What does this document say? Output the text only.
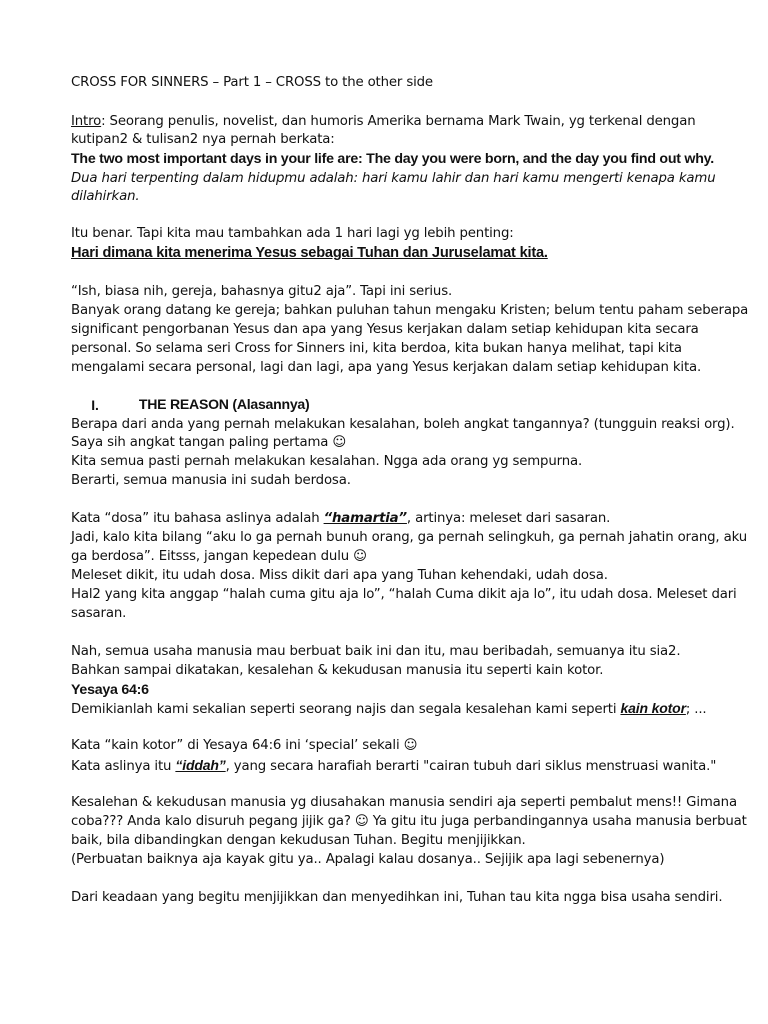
CROSS FOR SINNERS – Part 1 – CROSS to the other side
Intro: Seorang penulis, novelist, dan humoris Amerika bernama Mark Twain, yg terkenal dengan
kutipan2 & tulisan2 nya pernah berkata:
The two most important days in your life are: The day you were born, and the day you find out why.
Dua hari terpenting dalam hidupmu adalah: hari kamu lahir dan hari kamu mengerti kenapa kamu
dilahirkan.
Itu benar. Tapi kita mau tambahkan ada 1 hari lagi yg lebih penting:
Hari dimana kita menerima Yesus sebagai Tuhan dan Juruselamat kita.
“Ish, biasa nih, gereja, bahasnya gitu2 aja”. Tapi ini serius.
Banyak orang datang ke gereja; bahkan puluhan tahun mengaku Kristen; belum tentu paham seberapa
significant pengorbanan Yesus dan apa yang Yesus kerjakan dalam setiap kehidupan kita secara
personal. So selama seri Cross for Sinners ini, kita berdoa, kita bukan hanya melihat, tapi kita
mengalami secara personal, lagi dan lagi, apa yang Yesus kerjakan dalam setiap kehidupan kita.
I.	THE REASON (Alasannya)
Berapa dari anda yang pernah melakukan kesalahan, boleh angkat tangannya? (tungguin reaksi org).
Saya sih angkat tangan paling pertama ☺
Kita semua pasti pernah melakukan kesalahan. Ngga ada orang yg sempurna.
Berarti, semua manusia ini sudah berdosa.
Kata “dosa” itu bahasa aslinya adalah “hamartia”, artinya: meleset dari sasaran.
Jadi, kalo kita bilang “aku lo ga pernah bunuh orang, ga pernah selingkuh, ga pernah jahatin orang, aku
ga berdosa”. Eitsss, jangan kepedean dulu ☺
Meleset dikit, itu udah dosa. Miss dikit dari apa yang Tuhan kehendaki, udah dosa.
Hal2 yang kita anggap “halah cuma gitu aja lo”, “halah Cuma dikit aja lo”, itu udah dosa. Meleset dari
sasaran.
Nah, semua usaha manusia mau berbuat baik ini dan itu, mau beribadah, semuanya itu sia2.
Bahkan sampai dikatakan, kesalehan & kekudusan manusia itu seperti kain kotor.
Yesaya 64:6
Demikianlah kami sekalian seperti seorang najis dan segala kesalehan kami seperti kain kotor; ...
Kata “kain kotor” di Yesaya 64:6 ini ‘special’ sekali ☺
Kata aslinya itu “iddah”, yang secara harafiah berarti "cairan tubuh dari siklus menstruasi wanita."
Kesalehan & kekudusan manusia yg diusahakan manusia sendiri aja seperti pembalut mens!! Gimana
coba??? Anda kalo disuruh pegang jijik ga? ☺ Ya gitu itu juga perbandingannya usaha manusia berbuat
baik, bila dibandingkan dengan kekudusan Tuhan. Begitu menjijikkan.
(Perbuatan baiknya aja kayak gitu ya.. Apalagi kalau dosanya.. Sejijik apa lagi sebenernya)
Dari keadaan yang begitu menjijikkan dan menyedihkan ini, Tuhan tau kita ngga bisa usaha sendiri.
